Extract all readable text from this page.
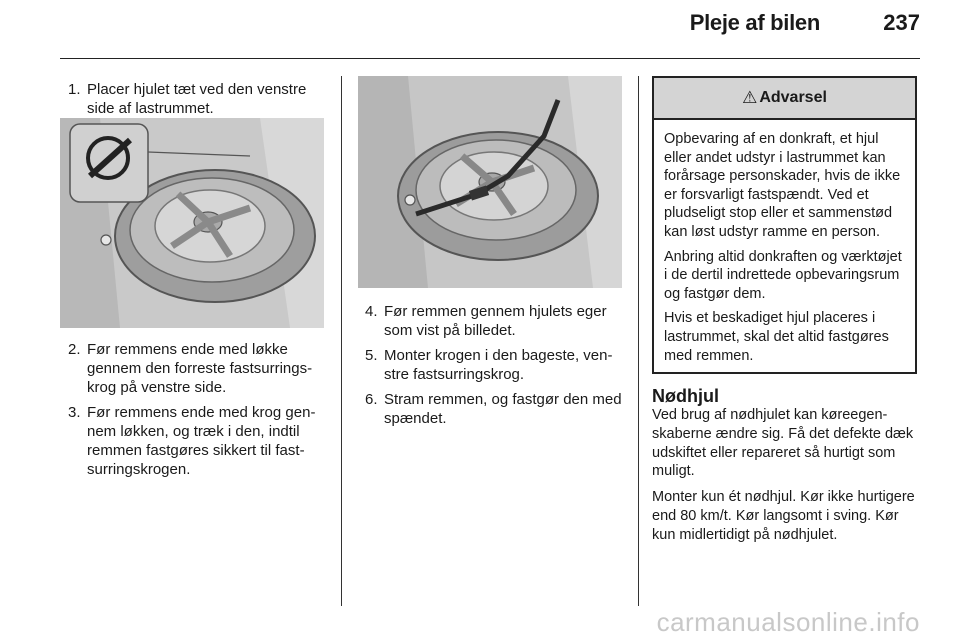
Pleje af bilen	237
1. Placer hjulet tæt ved den venstre side af lastrummet.
2. Før remmens ende med løkke gennem den forreste fastsurringskrog på venstre side.
3. Før remmens ende med krog gennem løkken, og træk i den, indtil remmen fastgøres sikkert til fastsurringskrogen.
4. Før remmen gennem hjulets eger som vist på billedet.
5. Monter krogen i den bageste, venstre fastsurringskrog.
6. Stram remmen, og fastgør den med spændet.
⚠ Advarsel

Opbevaring af en donkraft, et hjul eller andet udstyr i lastrummet kan forårsage personskader, hvis de ikke er forsvarligt fastspændt. Ved et pludseligt stop eller et sammenstød kan løst udstyr ramme en person.

Anbring altid donkraften og værktøjet i de dertil indrettede opbevaringsrum og fastgør dem.

Hvis et beskadiget hjul placeres i lastrummet, skal det altid fastgøres med remmen.

Nødhjul

Ved brug af nødhjulet kan køreegenskaberne ændre sig. Få det defekte dæk udskiftet eller repareret så hurtigt som muligt.

Monter kun ét nødhjul. Kør ikke hurtigere end 80 km/t. Kør langsomt i sving. Kør kun midlertidigt på nødhjulet.

carmanualsonline.info
